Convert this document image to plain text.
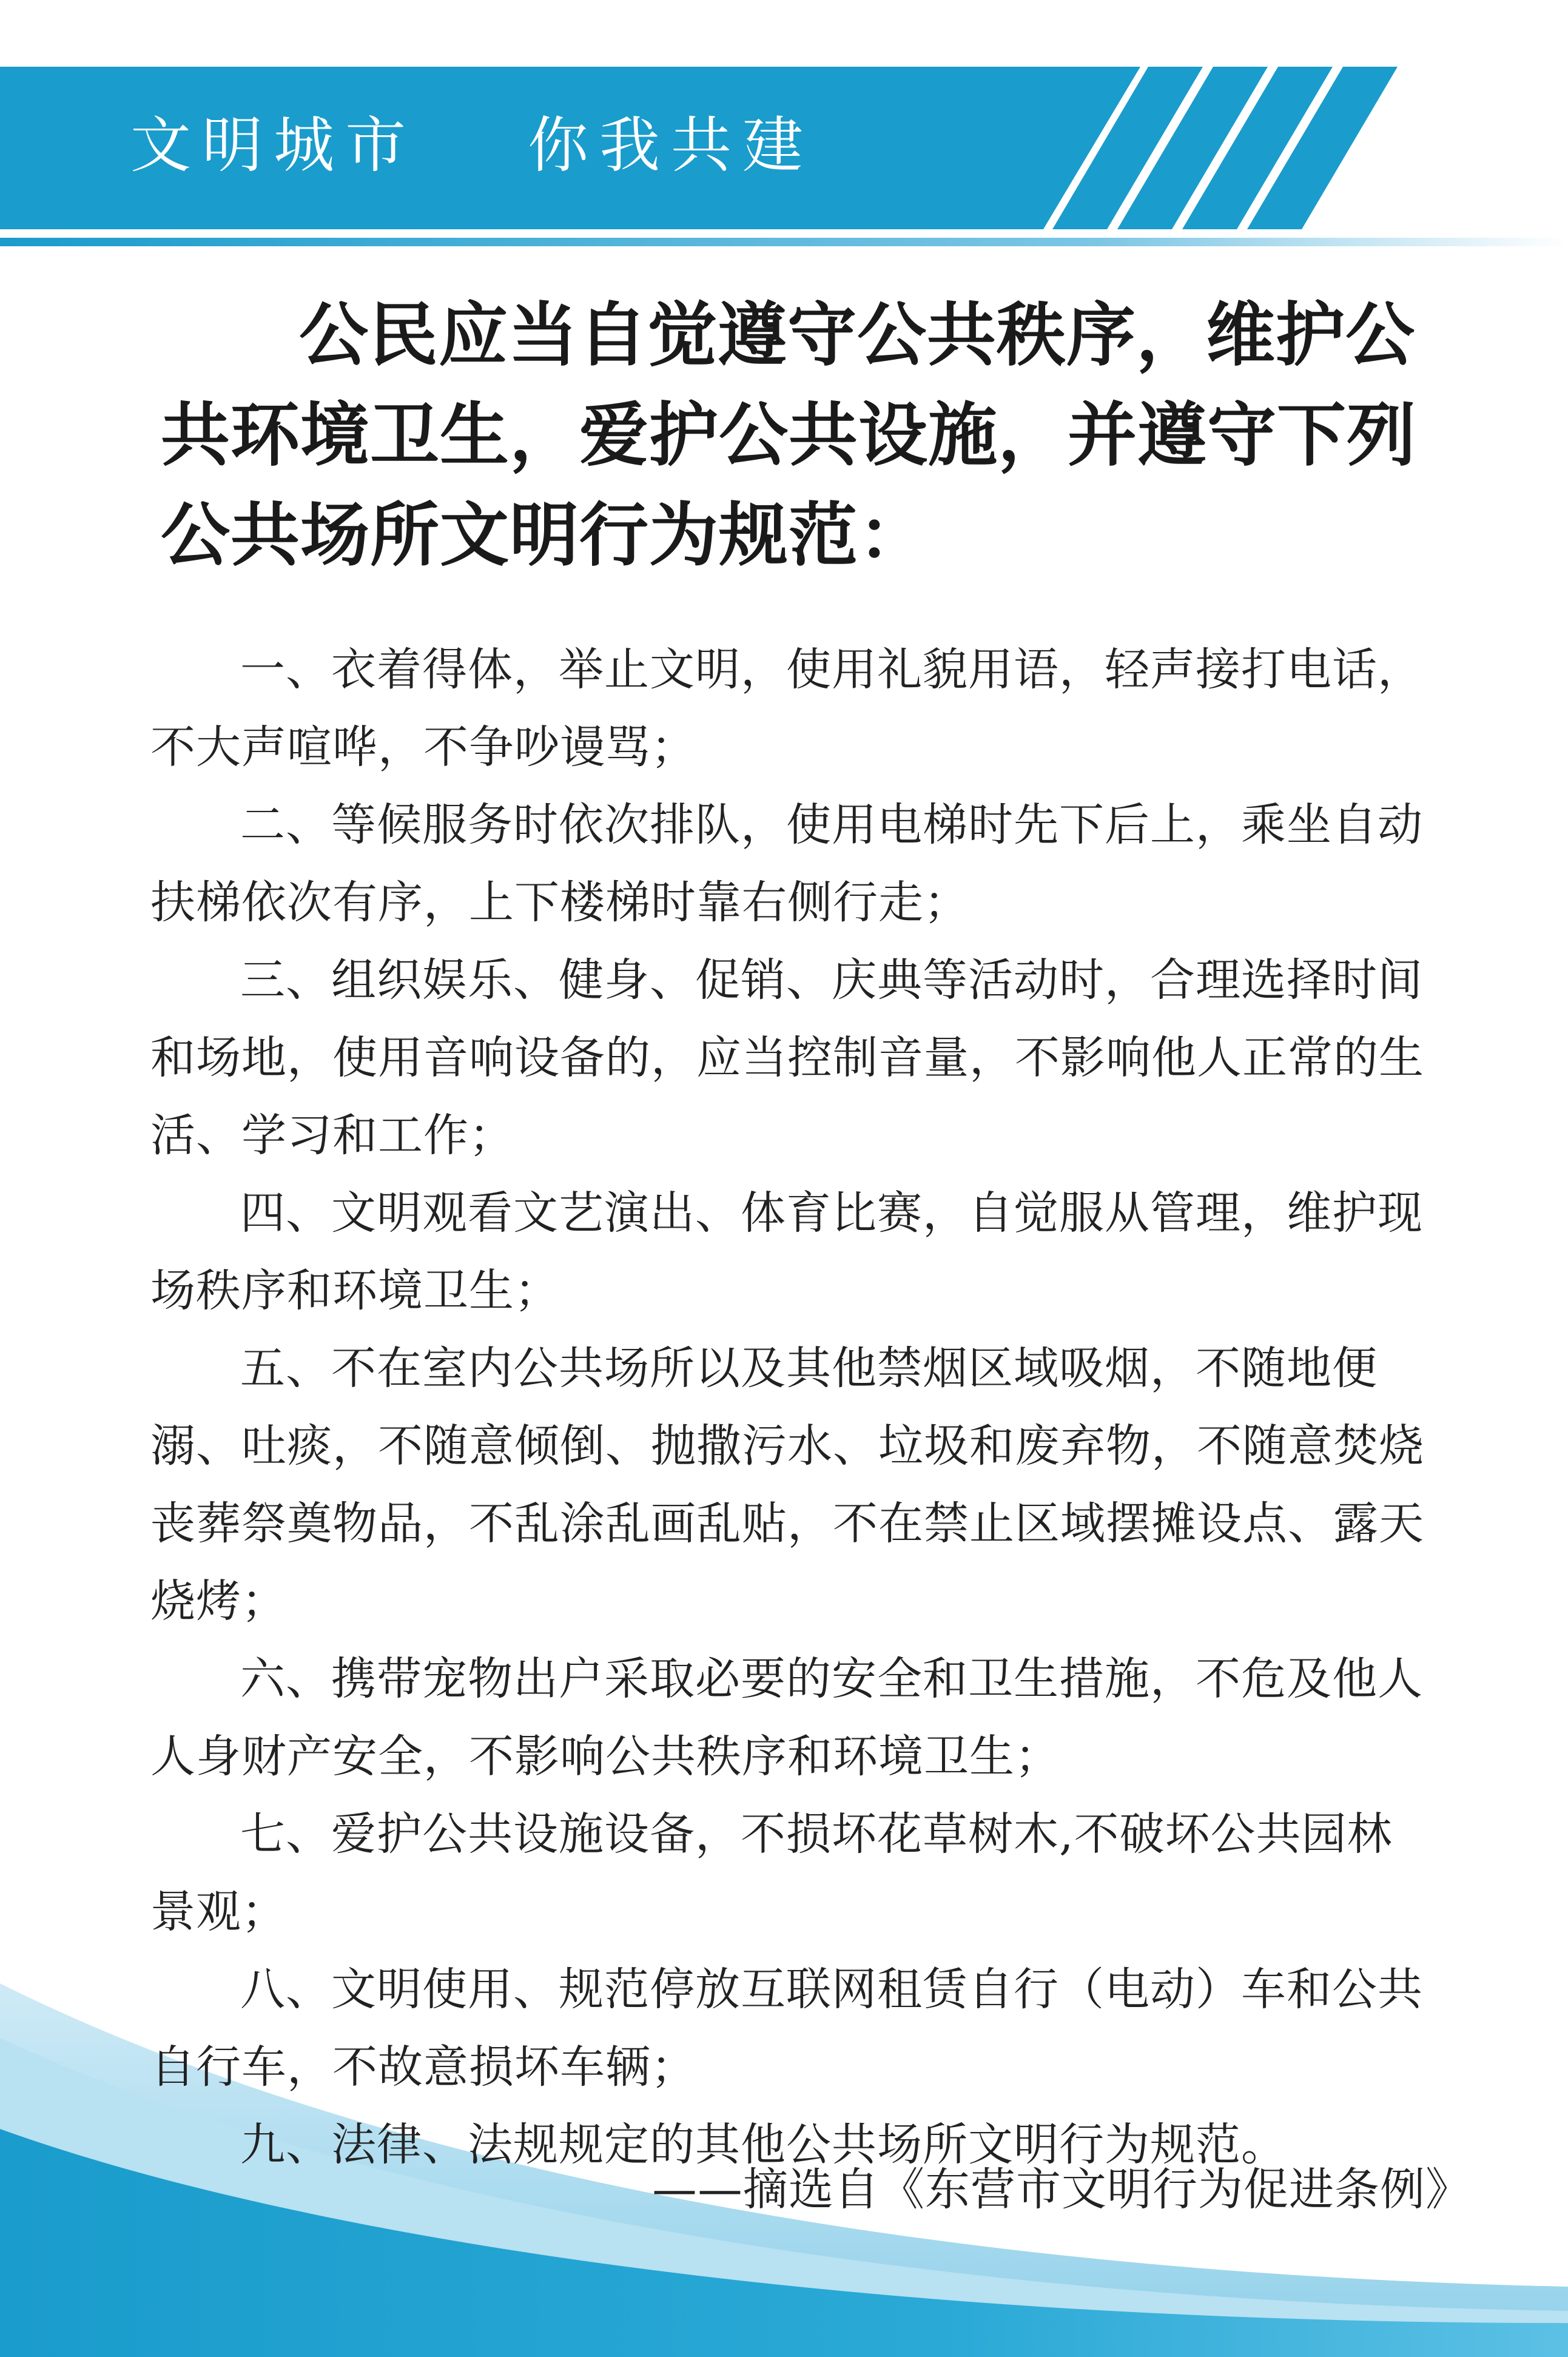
文明城市 你我共建

公民应当自觉遵守公共秩序，维护公共环境卫生，爱护公共设施，并遵守下列公共场所文明行为规范：

一、衣着得体，举止文明，使用礼貌用语，轻声接打电话，不大声喧哗，不争吵谩骂；
二、等候服务时依次排队，使用电梯时先下后上，乘坐自动扶梯依次有序，上下楼梯时靠右侧行走；
三、组织娱乐、健身、促销、庆典等活动时，合理选择时间和场地，使用音响设备的，应当控制音量，不影响他人正常的生活、学习和工作；
四、文明观看文艺演出、体育比赛，自觉服从管理，维护现场秩序和环境卫生；
五、不在室内公共场所以及其他禁烟区域吸烟，不随地便溺、吐痰，不随意倾倒、抛撒污水、垃圾和废弃物，不随意焚烧丧葬祭奠物品，不乱涂乱画乱贴，不在禁止区域摆摊设点、露天烧烤；
六、携带宠物出户采取必要的安全和卫生措施，不危及他人人身财产安全，不影响公共秩序和环境卫生；
七、爱护公共设施设备，不损坏花草树木,不破坏公共园林景观；
八、文明使用、规范停放互联网租赁自行（电动）车和公共自行车，不故意损坏车辆；
九、法律、法规规定的其他公共场所文明行为规范。

——摘选自《东营市文明行为促进条例》
